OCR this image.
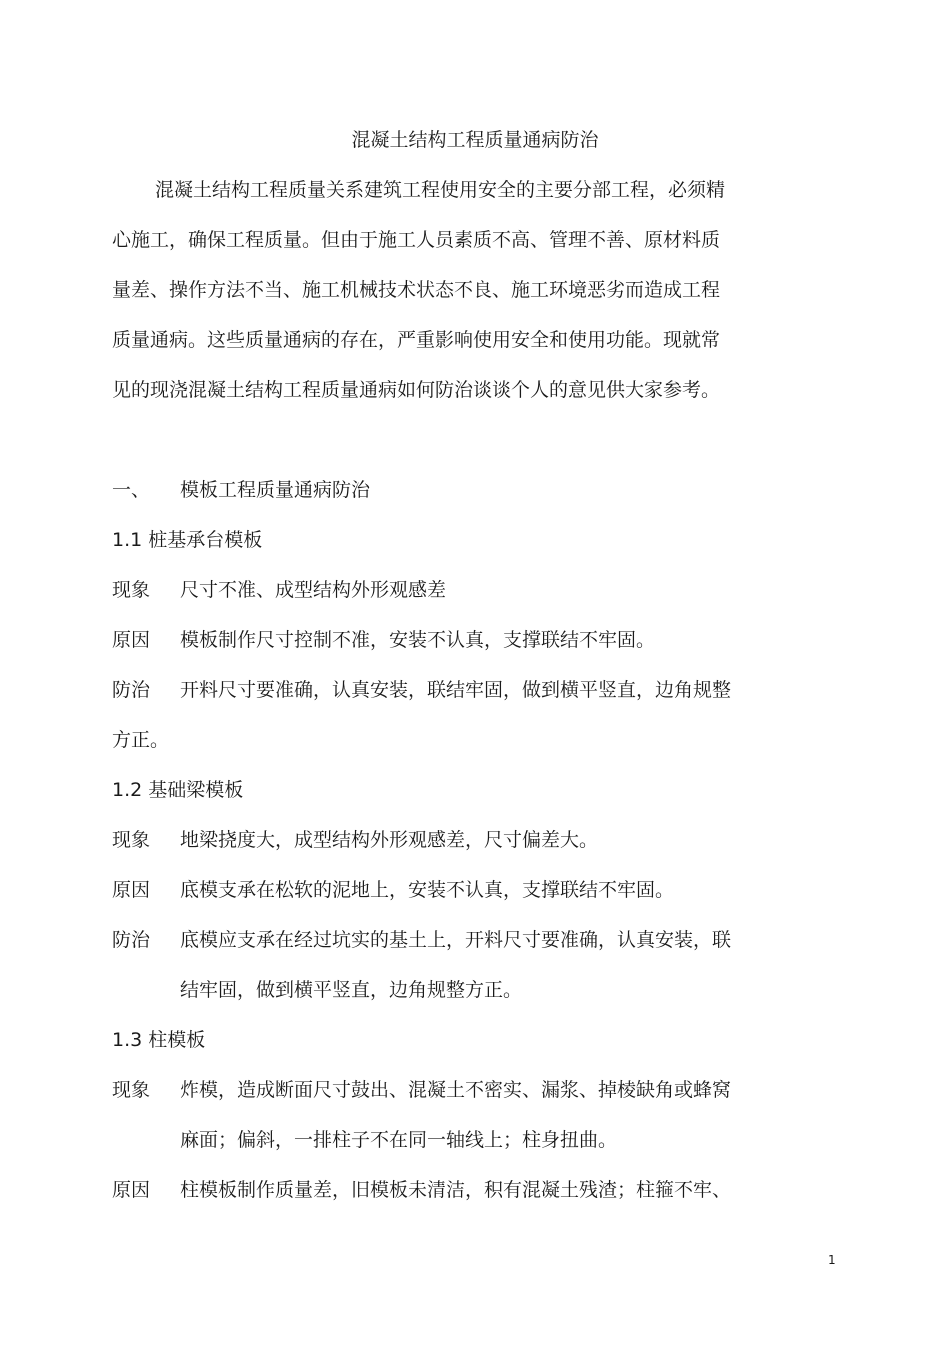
混凝土结构工程质量通病防治
混凝土结构工程质量关系建筑工程使用安全的主要分部工程，必须精
心施工，确保工程质量。但由于施工人员素质不高、管理不善、原材料质
量差、操作方法不当、施工机械技术状态不良、施工环境恶劣而造成工程
质量通病。这些质量通病的存在，严重影响使用安全和使用功能。现就常
见的现浇混凝土结构工程质量通病如何防治谈谈个人的意见供大家参考。
一、 模板工程质量通病防治
1.1 桩基承台模板
现象 尺寸不准、成型结构外形观感差
原因 模板制作尺寸控制不准，安装不认真，支撑联结不牢固。
防治 开料尺寸要准确，认真安装，联结牢固，做到横平竖直，边角规整
方正。
1.2 基础梁模板
现象 地梁挠度大，成型结构外形观感差，尺寸偏差大。
原因 底模支承在松软的泥地上，安装不认真，支撑联结不牢固。
防治 底模应支承在经过坑实的基土上，开料尺寸要准确，认真安装，联
结牢固，做到横平竖直，边角规整方正。
1.3 柱模板
现象 炸模，造成断面尺寸鼓出、混凝土不密实、漏浆、掉棱缺角或蜂窝
麻面；偏斜，一排柱子不在同一轴线上；柱身扭曲。
原因 柱模板制作质量差，旧模板未清洁，积有混凝土残渣；柱箍不牢、
1
